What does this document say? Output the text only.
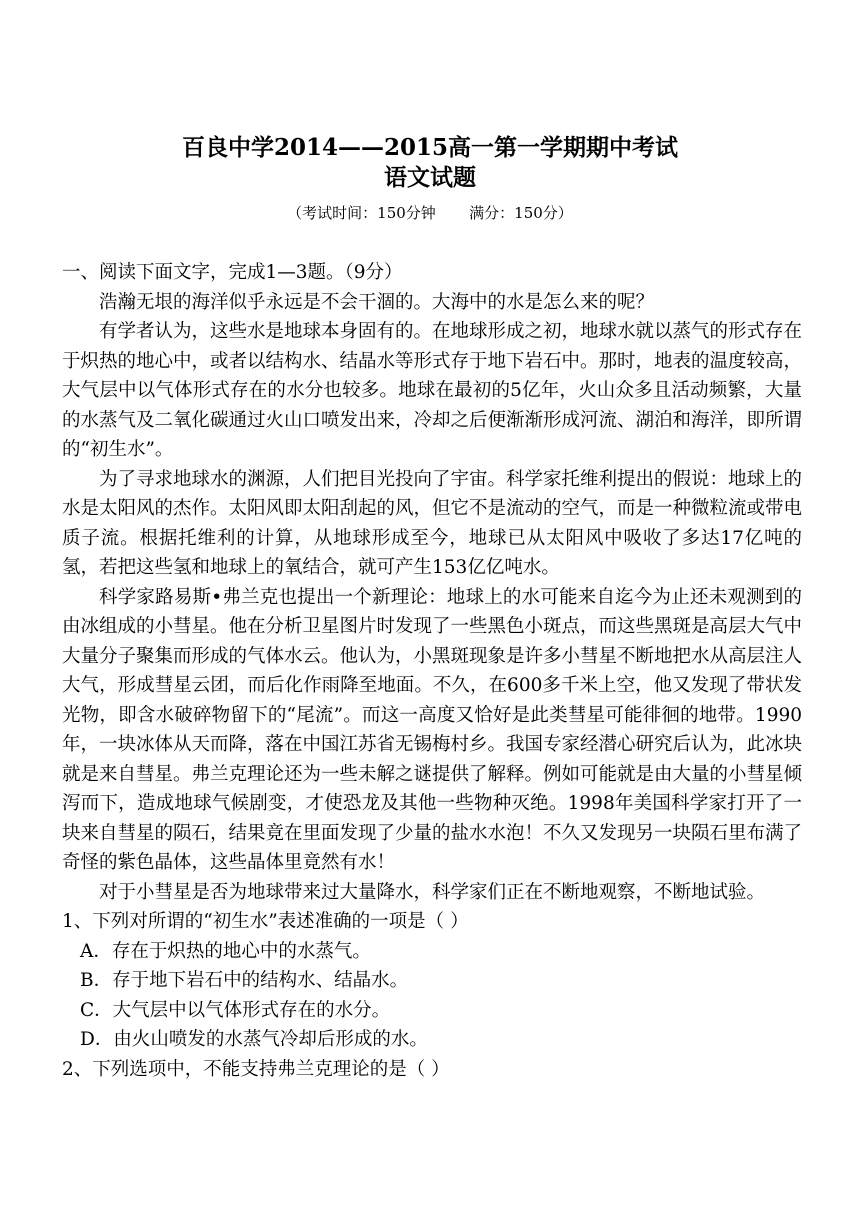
百良中学2014——2015高一第一学期期中考试
语文试题

（考试时间：150分钟       满分：150分）

一、阅读下面文字，完成1—3题。（9分）

浩瀚无垠的海洋似乎永远是不会干涸的。大海中的水是怎么来的呢？

有学者认为，这些水是地球本身固有的。在地球形成之初，地球水就以蒸气的形式存在于炽热的地心中，或者以结构水、结晶水等形式存于地下岩石中。那时，地表的温度较高，大气层中以气体形式存在的水分也较多。地球在最初的5亿年，火山众多且活动频繁，大量的水蒸气及二氧化碳通过火山口喷发出来，冷却之后便渐渐形成河流、湖泊和海洋，即所谓的“初生水”。

为了寻求地球水的渊源，人们把目光投向了宇宙。科学家托维利提出的假说：地球上的水是太阳风的杰作。太阳风即太阳刮起的风，但它不是流动的空气，而是一种微粒流或带电质子流。根据托维利的计算，从地球形成至今，地球已从太阳风中吸收了多达17亿吨的氢，若把这些氢和地球上的氧结合，就可产生153亿亿吨水。

科学家路易斯•弗兰克也提出一个新理论：地球上的水可能来自迄今为止还未观测到的由冰组成的小彗星。他在分析卫星图片时发现了一些黑色小斑点，而这些黑斑是高层大气中大量分子聚集而形成的气体水云。他认为，小黑斑现象是许多小彗星不断地把水从高层注人大气，形成彗星云团，而后化作雨降至地面。不久，在600多千米上空，他又发现了带状发光物，即含水破碎物留下的“尾流”。而这一高度又恰好是此类彗星可能徘徊的地带。1990年，一块冰体从天而降，落在中国江苏省无锡梅村乡。我国专家经潜心研究后认为，此冰块就是来自彗星。弗兰克理论还为一些未解之谜提供了解释。例如可能就是由大量的小彗星倾泻而下，造成地球气候剧变，才使恐龙及其他一些物种灭绝。1998年美国科学家打开了一块来自彗星的陨石，结果竟在里面发现了少量的盐水水泡！不久又发现另一块陨石里布满了奇怪的紫色晶体，这些晶体里竟然有水！

对于小彗星是否为地球带来过大量降水，科学家们正在不断地观察，不断地试验。

1、下列对所谓的“初生水”表述准确的一项是（ ）

A．存在于炽热的地心中的水蒸气。

B．存于地下岩石中的结构水、结晶水。

C．大气层中以气体形式存在的水分。

D．由火山喷发的水蒸气冷却后形成的水。

2、下列选项中，不能支持弗兰克理论的是（ ）
